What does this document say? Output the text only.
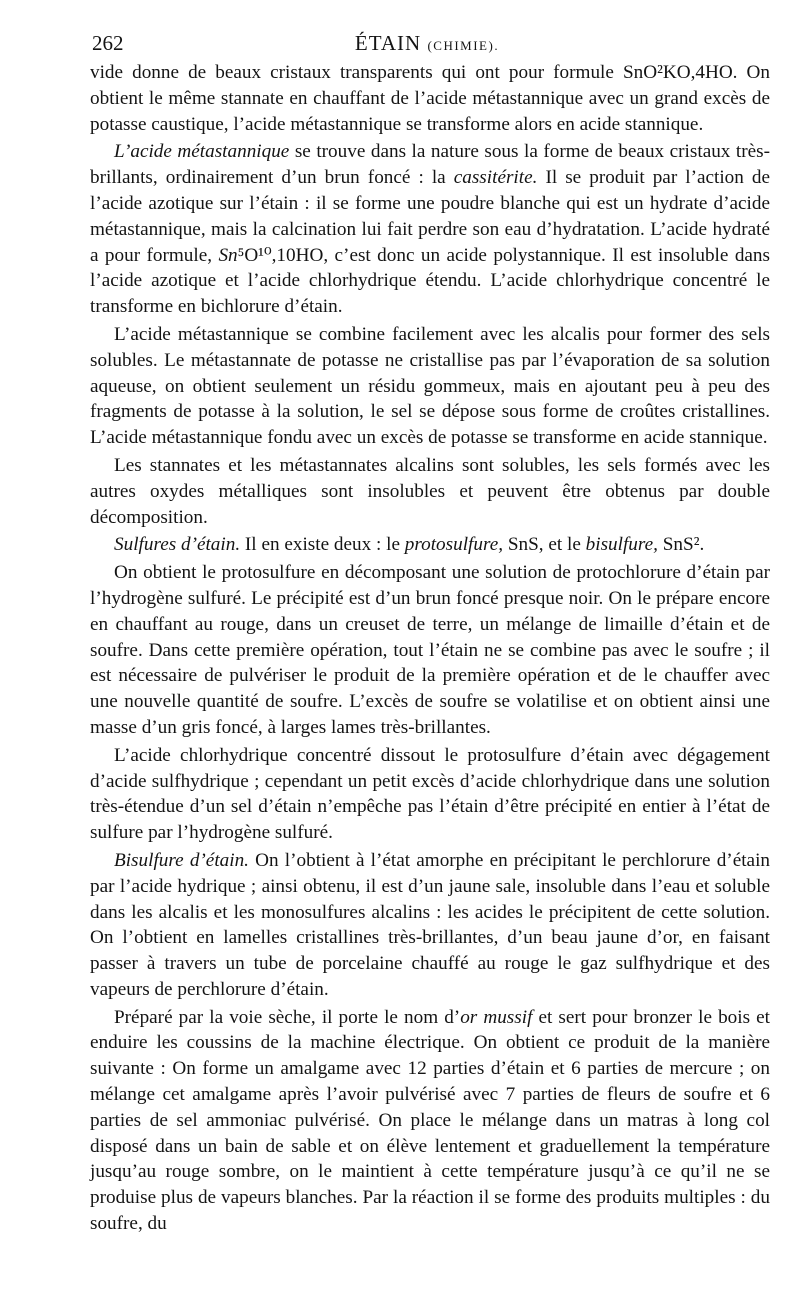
262	ÉTAIN (CHIMIE).

vide donne de beaux cristaux transparents qui ont pour formule SnO²KO,4HO. On obtient le même stannate en chauffant de l’acide métastannique avec un grand excès de potasse caustique, l’acide métastannique se transforme alors en acide stannique.

L’acide métastannique se trouve dans la nature sous la forme de beaux cristaux très-brillants, ordinairement d’un brun foncé : la cassitérite. Il se produit par l’action de l’acide azotique sur l’étain : il se forme une poudre blanche qui est un hydrate d’acide métastannique, mais la calcination lui fait perdre son eau d’hydratation. L’acide hydraté a pour formule, Sn⁵O¹⁰,10HO, c’est donc un acide polystannique. Il est insoluble dans l’acide azotique et l’acide chlorhydrique étendu. L’acide chlorhydrique concentré le transforme en bichlorure d’étain.

L’acide métastannique se combine facilement avec les alcalis pour former des sels solubles. Le métastannate de potasse ne cristallise pas par l’évaporation de sa solution aqueuse, on obtient seulement un résidu gommeux, mais en ajoutant peu à peu des fragments de potasse à la solution, le sel se dépose sous forme de croûtes cristallines. L’acide métastannique fondu avec un excès de potasse se transforme en acide stannique.

Les stannates et les métastannates alcalins sont solubles, les sels formés avec les autres oxydes métalliques sont insolubles et peuvent être obtenus par double décomposition.

Sulfures d’étain. Il en existe deux : le protosulfure, SnS, et le bisulfure, SnS².

On obtient le protosulfure en décomposant une solution de protochlorure d’étain par l’hydrogène sulfuré. Le précipité est d’un brun foncé presque noir. On le prépare encore en chauffant au rouge, dans un creuset de terre, un mélange de limaille d’étain et de soufre. Dans cette première opération, tout l’étain ne se combine pas avec le soufre ; il est nécessaire de pulvériser le produit de la première opération et de le chauffer avec une nouvelle quantité de soufre. L’excès de soufre se volatilise et on obtient ainsi une masse d’un gris foncé, à larges lames très-brillantes.

L’acide chlorhydrique concentré dissout le protosulfure d’étain avec dégagement d’acide sulfhydrique ; cependant un petit excès d’acide chlorhydrique dans une solution très-étendue d’un sel d’étain n’empêche pas l’étain d’être précipité en entier à l’état de sulfure par l’hydrogène sulfuré.

Bisulfure d’étain. On l’obtient à l’état amorphe en précipitant le perchlorure d’étain par l’acide hydrique ; ainsi obtenu, il est d’un jaune sale, insoluble dans l’eau et soluble dans les alcalis et les monosulfures alcalins : les acides le précipitent de cette solution. On l’obtient en lamelles cristallines très-brillantes, d’un beau jaune d’or, en faisant passer à travers un tube de porcelaine chauffé au rouge le gaz sulfhydrique et des vapeurs de perchlorure d’étain.

Préparé par la voie sèche, il porte le nom d’or mussif et sert pour bronzer le bois et enduire les coussins de la machine électrique. On obtient ce produit de la manière suivante : On forme un amalgame avec 12 parties d’étain et 6 parties de mercure ; on mélange cet amalgame après l’avoir pulvérisé avec 7 parties de fleurs de soufre et 6 parties de sel ammoniac pulvérisé. On place le mélange dans un matras à long col disposé dans un bain de sable et on élève lentement et graduellement la température jusqu’au rouge sombre, on le maintient à cette température jusqu’à ce qu’il ne se produise plus de vapeurs blanches. Par la réaction il se forme des produits multiples : du soufre, du
